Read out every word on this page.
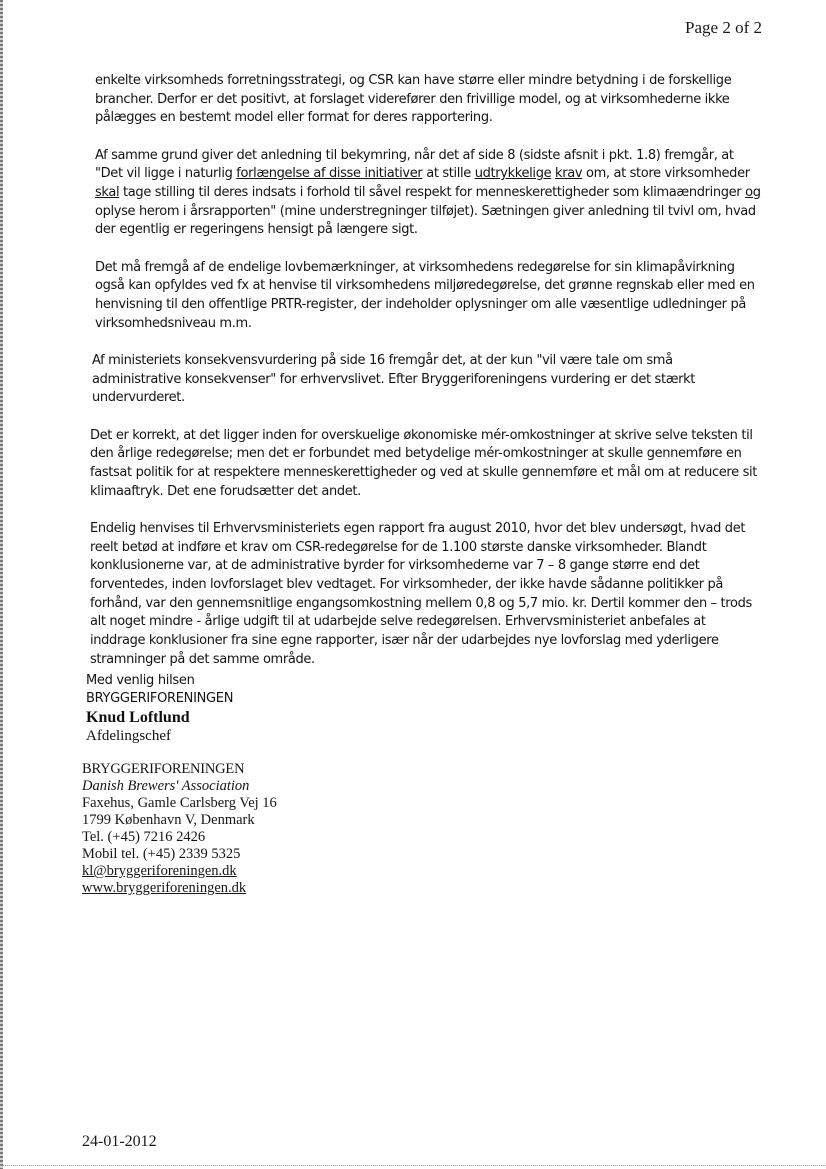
Page 2 of 2

enkelte virksomheds forretningsstrategi, og CSR kan have større eller mindre betydning i de forskellige brancher. Derfor er det positivt, at forslaget viderefører den frivillige model, og at virksomhederne ikke pålægges en bestemt model eller format for deres rapportering.

Af samme grund giver det anledning til bekymring, når det af side 8 (sidste afsnit i pkt. 1.8) fremgår, at "Det vil ligge i naturlig forlængelse af disse initiativer at stille udtrykkelige krav om, at store virksomheder skal tage stilling til deres indsats i forhold til såvel respekt for menneskerettigheder som klimaændringer og oplyse herom i årsrapporten" (mine understregninger tilføjet). Sætningen giver anledning til tvivl om, hvad der egentlig er regeringens hensigt på længere sigt.

Det må fremgå af de endelige lovbemærkninger, at virksomhedens redegørelse for sin klimapåvirkning også kan opfyldes ved fx at henvise til virksomhedens miljøredegørelse, det grønne regnskab eller med en henvisning til den offentlige PRTR-register, der indeholder oplysninger om alle væsentlige udledninger på virksomhedsniveau m.m.

Af ministeriets konsekvensvurdering på side 16 fremgår det, at der kun "vil være tale om små administrative konsekvenser" for erhvervslivet. Efter Bryggeriforeningens vurdering er det stærkt undervurderet.

Det er korrekt, at det ligger inden for overskuelige økonomiske mér-omkostninger at skrive selve teksten til den årlige redegørelse; men det er forbundet med betydelige mér-omkostninger at skulle gennemføre en fastsat politik for at respektere menneskerettigheder og ved at skulle gennemføre et mål om at reducere sit klimaaftryk. Det ene forudsætter det andet.

Endelig henvises til Erhvervsministeriets egen rapport fra august 2010, hvor det blev undersøgt, hvad det reelt betød at indføre et krav om CSR-redegørelse for de 1.100 største danske virksomheder. Blandt konklusionerne var, at de administrative byrder for virksomhederne var 7 – 8 gange større end det forventedes, inden lovforslaget blev vedtaget. For virksomheder, der ikke havde sådanne politikker på forhånd, var den gennemsnitlige engangsomkostning mellem 0,8 og 5,7 mio. kr. Dertil kommer den – trods alt noget mindre - årlige udgift til at udarbejde selve redegørelsen. Erhvervsministeriet anbefales at inddrage konklusioner fra sine egne rapporter, især når der udarbejdes nye lovforslag med yderligere stramninger på det samme område.

Med venlig hilsen
BRYGGERIFORENINGEN
Knud Loftlund
Afdelingschef
BRYGGERIFORENINGEN
Danish Brewers' Association
Faxehus, Gamle Carlsberg Vej 16
1799 København V, Denmark
Tel. (+45) 7216 2426
Mobil tel. (+45) 2339 5325
kl@bryggeriforeningen.dk
www.bryggeriforeningen.dk
24-01-2012
